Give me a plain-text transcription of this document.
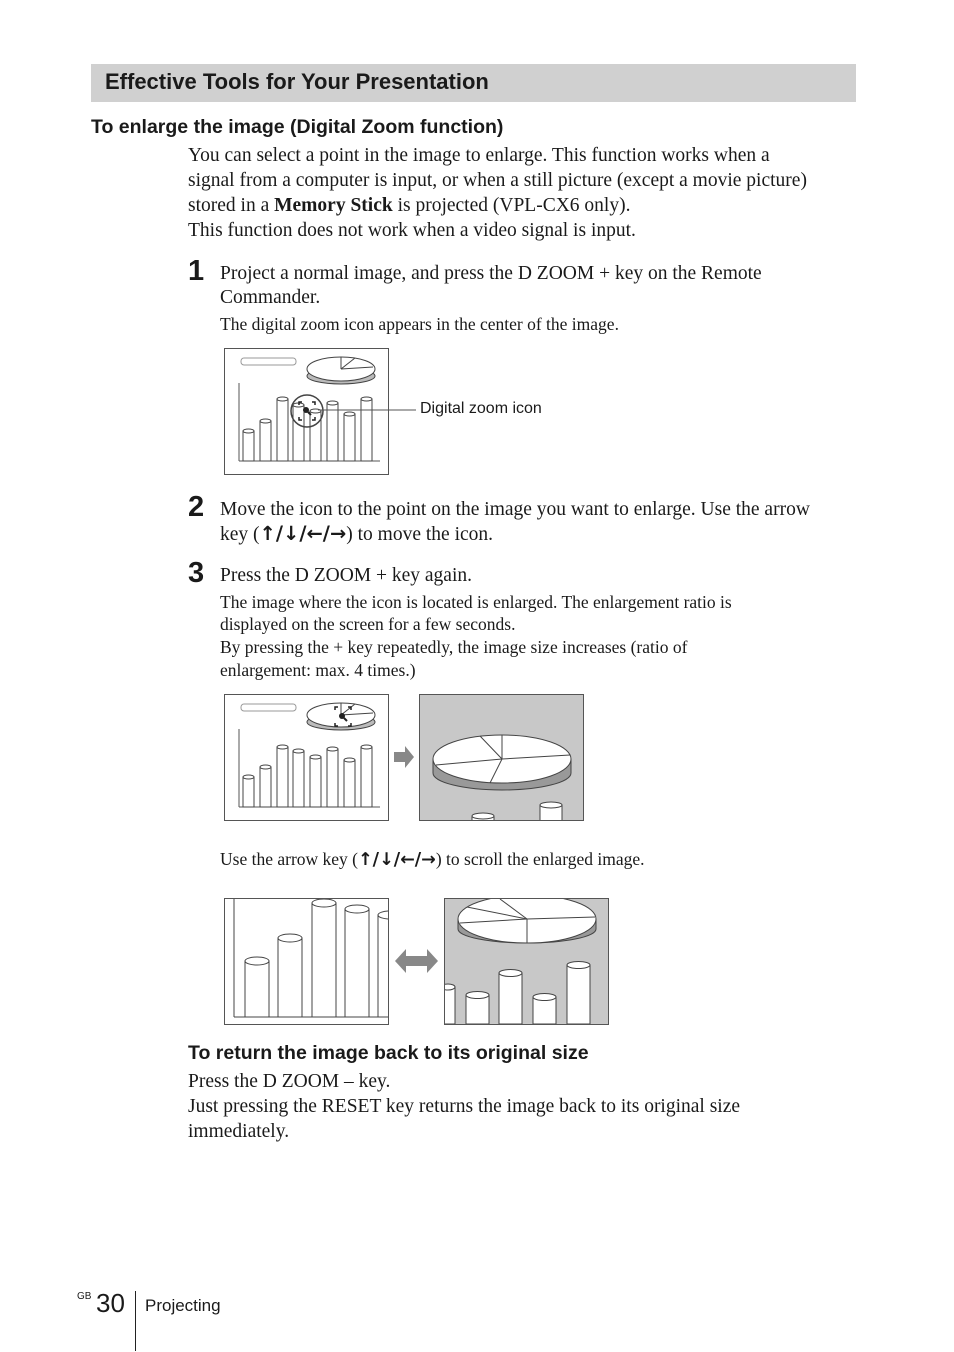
Effective Tools for Your Presentation
To enlarge the image (Digital Zoom function)
You can select a point in the image to enlarge. This function works when a
signal from a computer is input, or when a still picture (except a movie picture)
stored in a Memory Stick is projected (VPL-CX6 only).
This function does not work when a video signal is input.
1 Project a normal image, and press the D ZOOM + key on the Remote
Commander.
The digital zoom icon appears in the center of the image.
Digital zoom icon
2 Move the icon to the point on the image you want to enlarge. Use the arrow
key (↑/↓/←/→) to move the icon.
3 Press the D ZOOM + key again.
The image where the icon is located is enlarged. The enlargement ratio is
displayed on the screen for a few seconds.
By pressing the + key repeatedly, the image size increases (ratio of
enlargement: max. 4 times.)
Use the arrow key (↑/↓/←/→) to scroll the enlarged image.
To return the image back to its original size
Press the D ZOOM – key.
Just pressing the RESET key returns the image back to its original size
immediately.
GB 30 Projecting
